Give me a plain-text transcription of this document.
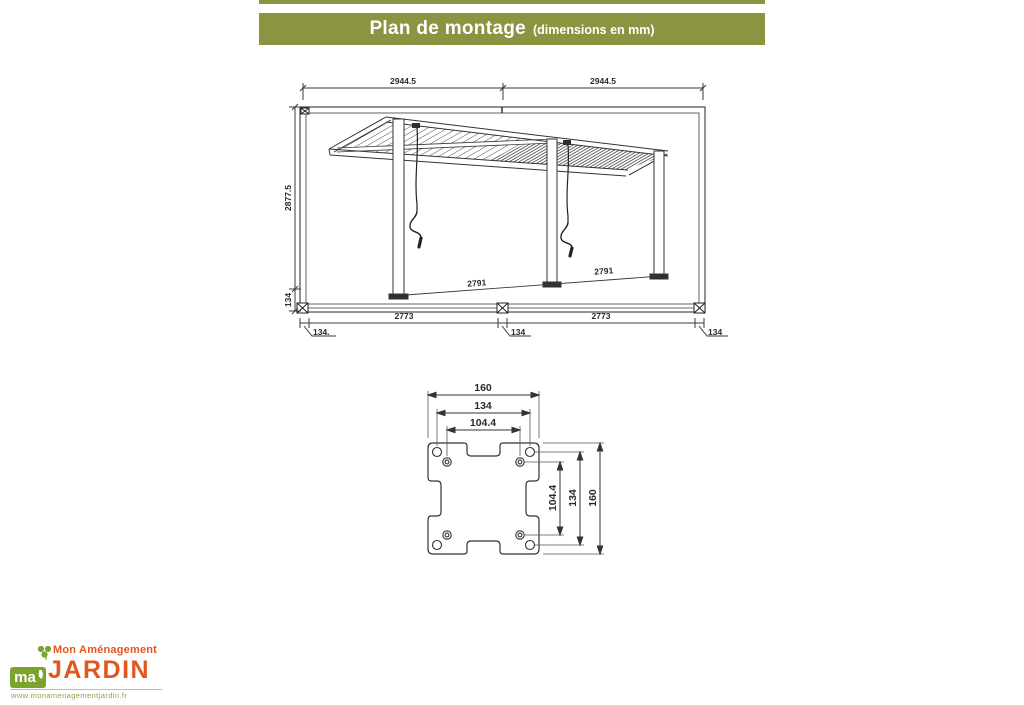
Plan de montage (dimensions en mm)
2944.5	2944.5
2877.5
134
2791
2791
2773	2773
134.	134	134
160
134
104.4
104.4 134 160
Mon Aménagement
JARDIN
ma
www.monamenagementjardin.fr
